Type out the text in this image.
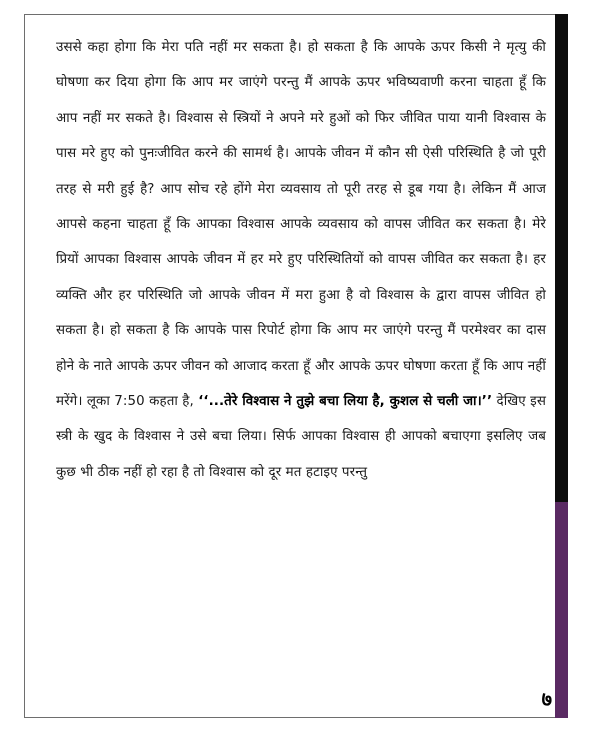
उससे कहा होगा कि मेरा पति नहीं मर सकता है। हो सकता है कि आपके ऊपर किसी ने मृत्यु की घोषणा कर दिया होगा कि आप मर जाएंगे परन्तु मैं आपके ऊपर भविष्यवाणी करना चाहता हूँ कि आप नहीं मर सकते है। विश्वास से स्त्रियों ने अपने मरे हुओं को फिर जीवित पाया यानी विश्वास के पास मरे हुए को पुनःजीवित करने की सामर्थ है। आपके जीवन में कौन सी ऐसी परिस्थिति है जो पूरी तरह से मरी हुई है? आप सोच रहे होंगे मेरा व्यवसाय तो पूरी तरह से डूब गया है। लेकिन मैं आज आपसे कहना चाहता हूँ कि आपका विश्वास आपके व्यवसाय को वापस जीवित कर सकता है। मेरे प्रियों आपका विश्वास आपके जीवन में हर मरे हुए परिस्थितियों को वापस जीवित कर सकता है। हर व्यक्ति और हर परिस्थिति जो आपके जीवन में मरा हुआ है वो विश्वास के द्वारा वापस जीवित हो सकता है। हो सकता है कि आपके पास रिपोर्ट होगा कि आप मर जाएंगे परन्तु मैं परमेश्वर का दास होने के नाते आपके ऊपर जीवन को आजाद करता हूँ और आपके ऊपर घोषणा करता हूँ कि आप नहीं मरेंगे। लूका 7:50 कहता है, ‘‘...तेरे विश्वास ने तुझे बचा लिया है, कुशल से चली जा।’’ देखिए इस स्त्री के खुद के विश्वास ने उसे बचा लिया। सिर्फ आपका विश्वास ही आपको बचाएगा इसलिए जब कुछ भी ठीक नहीं हो रहा है तो विश्वास को दूर मत हटाइए परन्तु
७
